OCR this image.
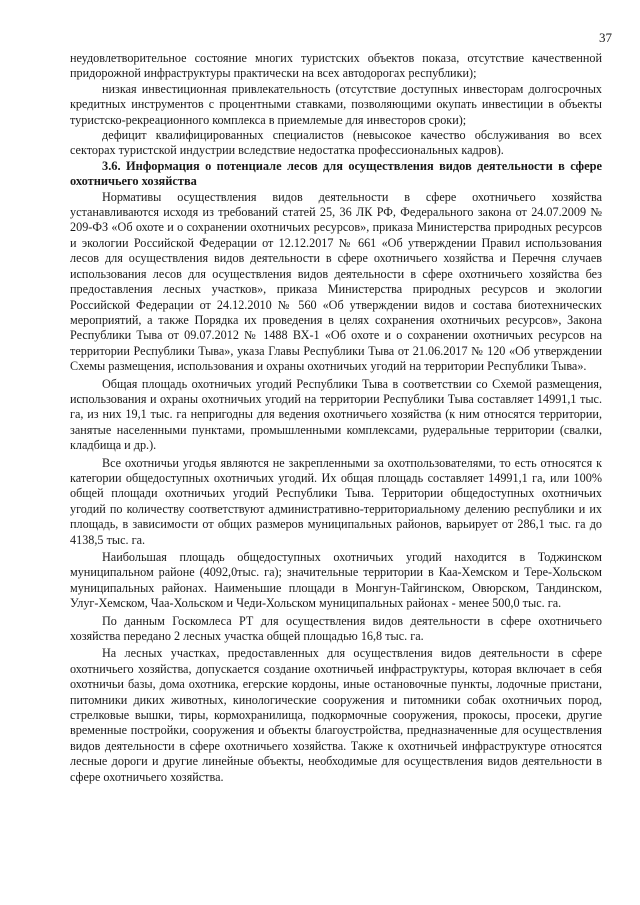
37

неудовлетворительное состояние многих туристских объектов показа, отсутствие качественной придорожной инфраструктуры практически на всех автодорогах республики);

низкая инвестиционная привлекательность (отсутствие доступных инвесторам долгосрочных кредитных инструментов с процентными ставками, позволяющими окупать инвестиции в объекты туристско-рекреационного комплекса в приемлемые для инвесторов сроки);

дефицит квалифицированных специалистов (невысокое качество обслуживания во всех секторах туристской индустрии вследствие недостатка профессиональных кадров).

3.6. Информация о потенциале лесов для осуществления видов деятельности в сфере охотничьего хозяйства

Нормативы осуществления видов деятельности в сфере охотничьего хозяйства устанавливаются исходя из требований статей 25, 36 ЛК РФ, Федерального закона от 24.07.2009 № 209-ФЗ «Об охоте и о сохранении охотничьих ресурсов», приказа Министерства природных ресурсов и экологии Российской Федерации от 12.12.2017 № 661 «Об утверждении Правил использования лесов для осуществления видов деятельности в сфере охотничьего хозяйства и Перечня случаев использования лесов для осуществления видов деятельности в сфере охотничьего хозяйства без предоставления лесных участков», приказа Министерства природных ресурсов и экологии Российской Федерации от 24.12.2010 № 560 «Об утверждении видов и состава биотехнических мероприятий, а также Порядка их проведения в целях сохранения охотничьих ресурсов», Закона Республики Тыва от 09.07.2012 № 1488 ВХ-1 «Об охоте и о сохранении охотничьих ресурсов на территории Республики Тыва», указа Главы Республики Тыва от 21.06.2017 № 120 «Об утверждении Схемы размещения, использования и охраны охотничьих угодий на территории Республики Тыва».

Общая площадь охотничьих угодий Республики Тыва в соответствии со Схемой размещения, использования и охраны охотничьих угодий на территории Республики Тыва составляет 14991,1 тыс. га, из них 19,1 тыс. га непригодны для ведения охотничьего хозяйства (к ним относятся территории, занятые населенными пунктами, промышленными комплексами, рудеральные территории (свалки, кладбища и др.).

Все охотничьи угодья являются не закрепленными за охотпользователями, то есть относятся к категории общедоступных охотничьих угодий. Их общая площадь составляет 14991,1 га, или 100% общей площади охотничьих угодий Республики Тыва. Территории общедоступных охотничьих угодий по количеству соответствуют административно-территориальному делению республики и их площадь, в зависимости от общих размеров муниципальных районов, варьирует от 286,1 тыс. га до 4138,5 тыс. га.

Наибольшая площадь общедоступных охотничьих угодий находится в Тоджинском муниципальном районе (4092,0тыс. га); значительные территории в Каа-Хемском и Тере-Хольском муниципальных районах. Наименьшие площади в Монгун-Тайгинском, Овюрском, Тандинском, Улуг-Хемском, Чаа-Хольском и Чеди-Хольском муниципальных районах - менее 500,0 тыс. га.

По данным Госкомлеса РТ для осуществления видов деятельности в сфере охотничьего хозяйства передано 2 лесных участка общей площадью 16,8 тыс. га.

На лесных участках, предоставленных для осуществления видов деятельности в сфере охотничьего хозяйства, допускается создание охотничьей инфраструктуры, которая включает в себя охотничьи базы, дома охотника, егерские кордоны, иные остановочные пункты, лодочные пристани, питомники диких животных, кинологические сооружения и питомники собак охотничьих пород, стрелковые вышки, тиры, кормохранилища, подкормочные сооружения, прокосы, просеки, другие временные постройки, сооружения и объекты благоустройства, предназначенные для осуществления видов деятельности в сфере охотничьего хозяйства. Также к охотничьей инфраструктуре относятся лесные дороги и другие линейные объекты, необходимые для осуществления видов деятельности в сфере охотничьего хозяйства.
